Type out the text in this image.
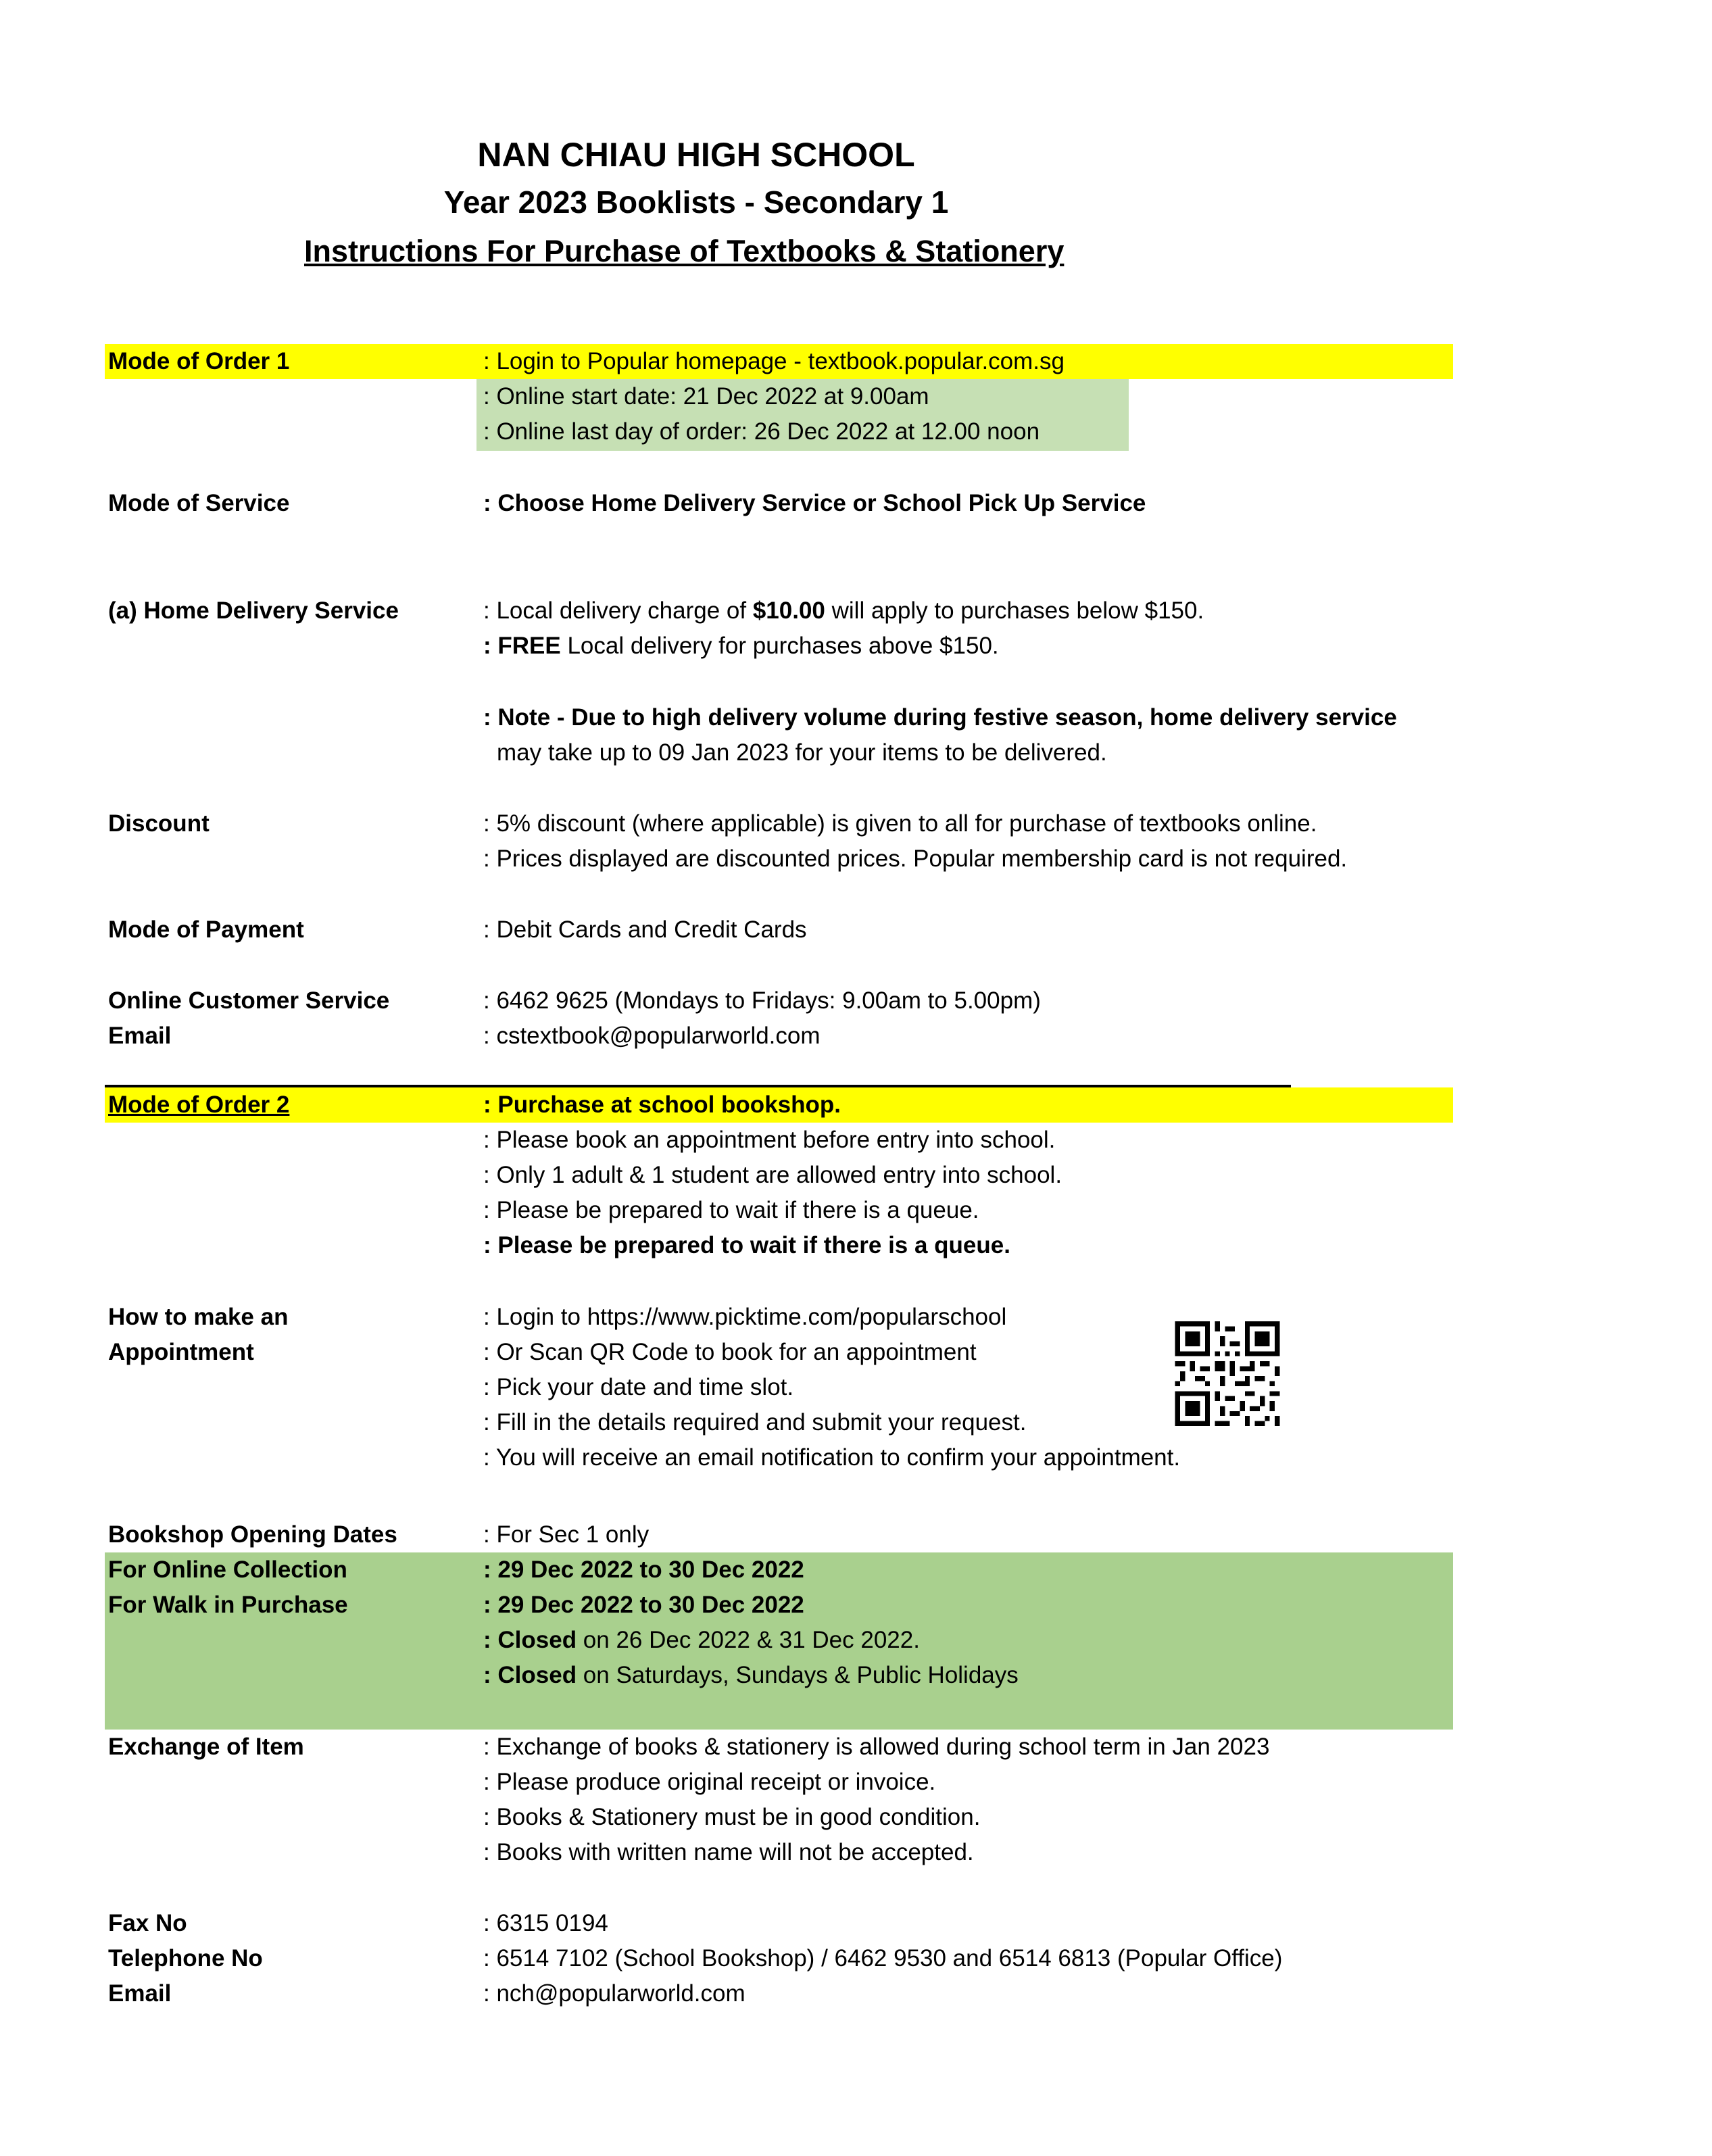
NAN CHIAU HIGH SCHOOL
Year 2023 Booklists - Secondary 1
Instructions For Purchase of Textbooks & Stationery
Mode of Order 1	: Login to Popular homepage - textbook.popular.com.sg
: Online start date: 21 Dec 2022 at 9.00am
: Online last day of order: 26 Dec 2022 at 12.00 noon
Mode of Service	: Choose Home Delivery Service or School Pick Up Service
(a) Home Delivery Service	: Local delivery charge of $10.00 will apply to purchases below $150.
: FREE Local delivery for purchases above $150.
: Note - Due to high delivery volume during festive season, home delivery service
may take up to 09 Jan 2023 for your items to be delivered.
Discount	: 5% discount (where applicable) is given to all for purchase of textbooks online.
: Prices displayed are discounted prices. Popular membership card is not required.
Mode of Payment	: Debit Cards and Credit Cards
Online Customer Service	: 6462 9625 (Mondays to Fridays: 9.00am to 5.00pm)
Email	: cstextbook@popularworld.com
Mode of Order 2	: Purchase at school bookshop.
: Please book an appointment before entry into school.
: Only 1 adult & 1 student are allowed entry into school.
: Please be prepared to wait if there is a queue.
: Please be prepared to wait if there is a queue.
How to make an
Appointment
: Login to https://www.picktime.com/popularschool
: Or Scan QR Code to book for an appointment
: Pick your date and time slot.
: Fill in the details required and submit your request.
: You will receive an email notification to confirm your appointment.
Bookshop Opening Dates	: For Sec 1 only
For Online Collection	: 29 Dec 2022 to 30 Dec 2022
For Walk in Purchase	: 29 Dec 2022 to 30 Dec 2022
: Closed on 26 Dec 2022 & 31 Dec 2022.
: Closed on Saturdays, Sundays & Public Holidays
Exchange of Item	: Exchange of books & stationery is allowed during school term in Jan 2023
: Please produce original receipt or invoice.
: Books & Stationery must be in good condition.
: Books with written name will not be accepted.
Fax No	: 6315 0194
Telephone No	: 6514 7102 (School Bookshop) / 6462 9530 and 6514 6813 (Popular Office)
Email	: nch@popularworld.com
